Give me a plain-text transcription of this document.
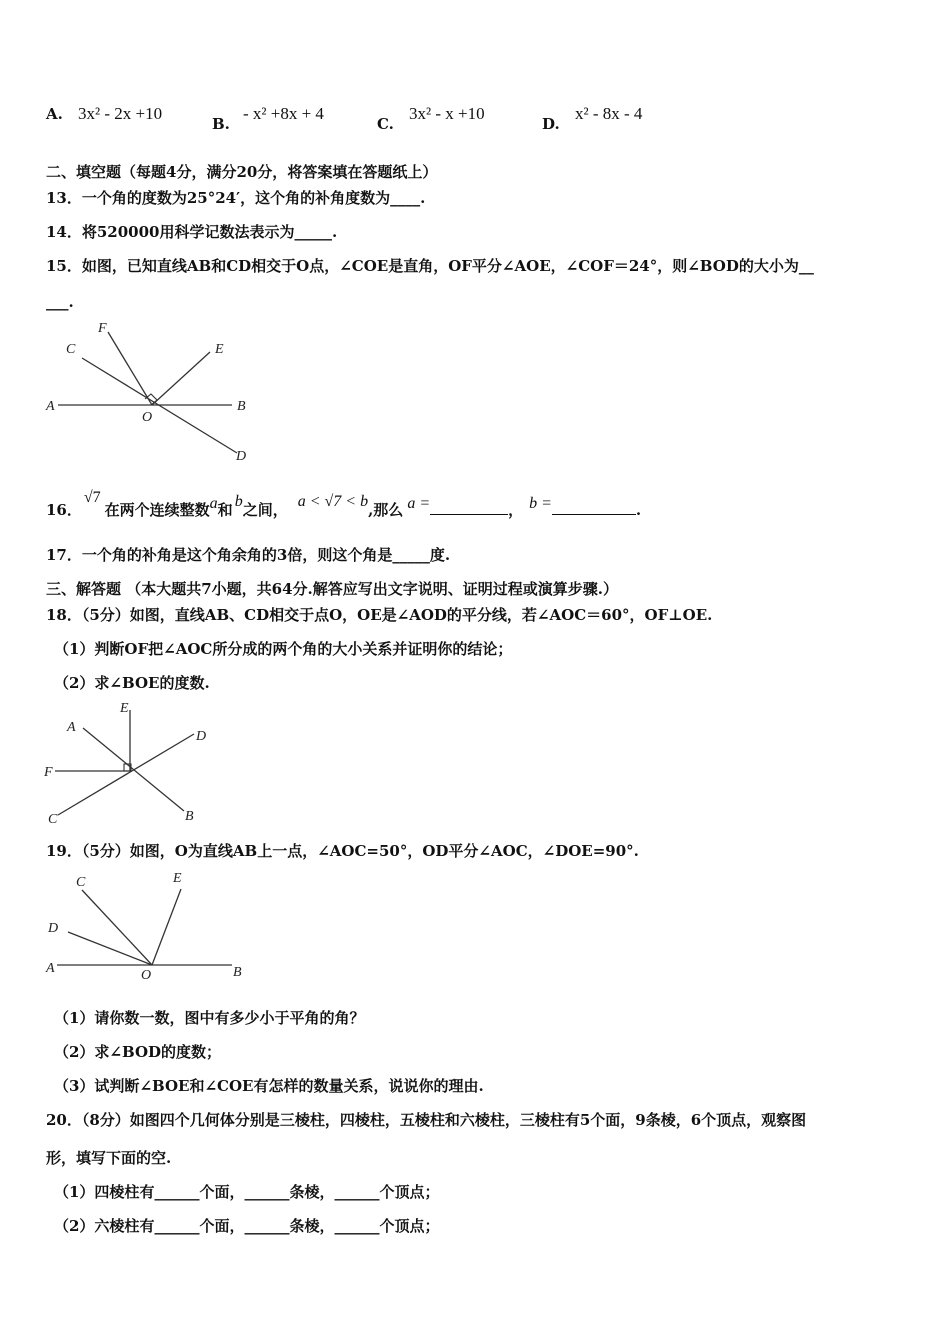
A. 3x² - 2x +10
B.
- x² +8x + 4
C.
3x² - x +10
D.
x² - 8x - 4
二、填空题（每题4分，满分20分，将答案填在答题纸上）
13．一个角的度数为25°24′，这个角的补角度数为____.
14．将520000用科学记数法表示为_____.
15．如图，已知直线AB和CD相交于O点，∠COE是直角，OF平分∠AOE，∠COF＝24°，则∠BOD的大小为__
___.
F
C	E
A
O
B
D
16．√7在两个连续整数a和 b之间， a < √7 < b,那么 a =	， b =	.
17．一个角的补角是这个角余角的3倍，则这个角是_____度.
三、解答题 （本大题共7小题，共64分.解答应写出文字说明、证明过程或演算步骤.）
18．（5分）如图，直线AB、CD相交于点O，OE是∠AOD的平分线，若∠AOC＝60°，OF⊥OE.
（1）判断OF把∠AOC所分成的两个角的大小关系并证明你的结论；
（2）求∠BOE的度数.
E
A
D
F
C	B
19．（5分）如图，O为直线AB上一点，∠AOC=50°，OD平分∠AOC，∠DOE=90°.
C	E
D
A	O	B
（1）请你数一数，图中有多少小于平角的角？
（2）求∠BOD的度数；
（3）试判断∠BOE和∠COE有怎样的数量关系，说说你的理由.
20．（8分）如图四个几何体分别是三棱柱，四棱柱，五棱柱和六棱柱，三棱柱有5个面，9条棱，6个顶点，观察图
形，填写下面的空.
（1）四棱柱有______个面，______条棱，______个顶点；
（2）六棱柱有______个面，______条棱，______个顶点；
